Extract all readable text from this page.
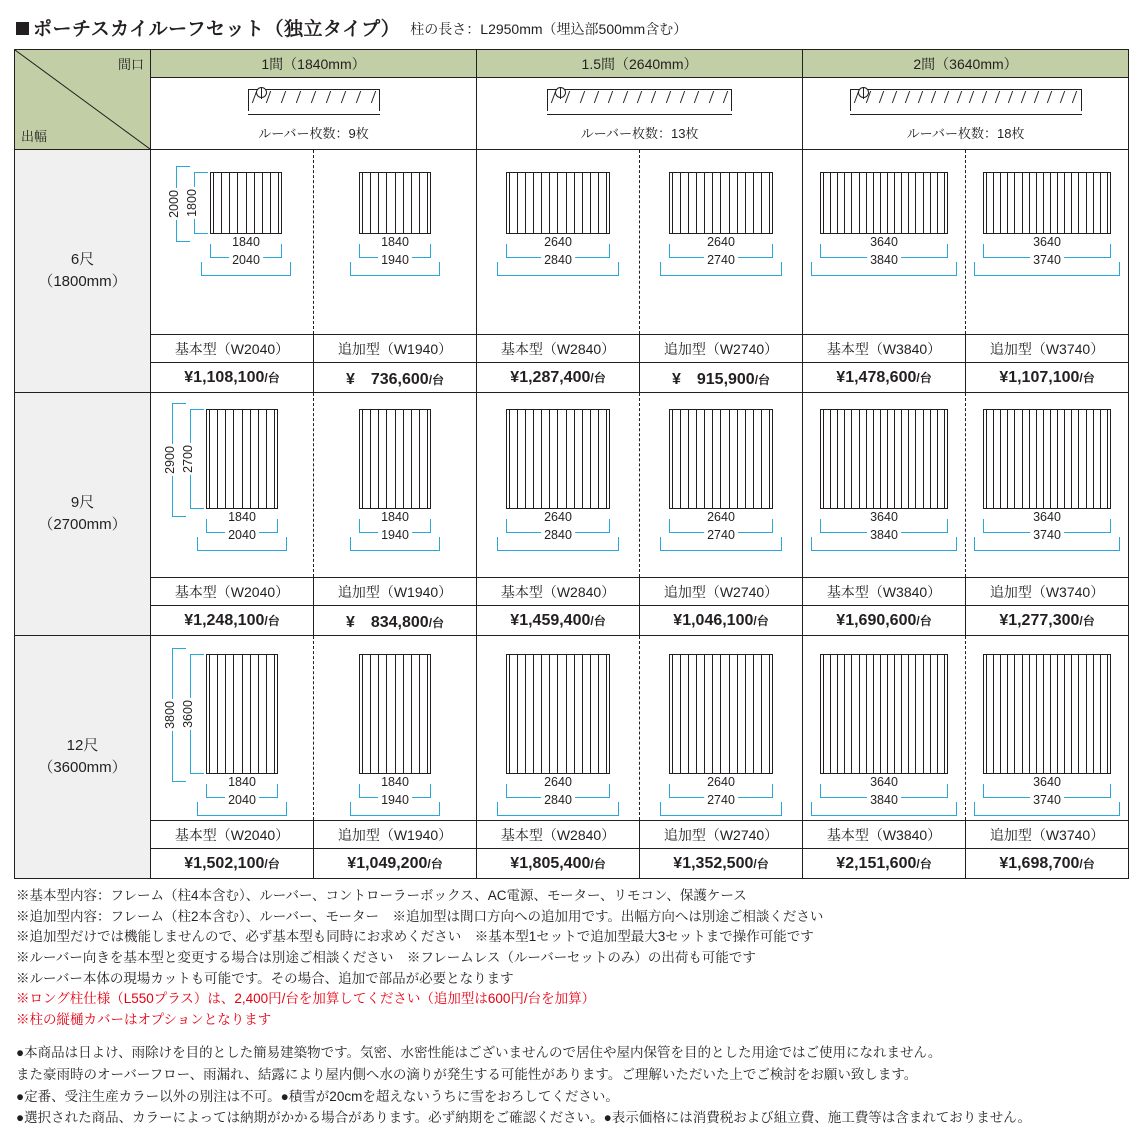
ポーチスカイルーフセット（独立タイプ） 柱の長さ：L2950mm（埋込部500mm含む）
間口
出幅	1間（1840mm）		1.5間（2640mm）		2間（3640mm）	

	ルーバー枚数：9枚		ルーバー枚数：13枚		ルーバー枚数：18枚	

6尺
（1800mm）

2000 1800
1840
2040

1840
1940

2640
2840

2640
2740

3640
3840

3640
3740

	基本型（W2040）	追加型（W1940）	基本型（W2840）	追加型（W2740）	基本型（W3840）	追加型（W3740）
	¥1,108,100/台	¥　736,600/台	¥1,287,400/台	¥　915,900/台	¥1,478,600/台	¥1,107,100/台

9尺
（2700mm）

2900 2700
1840
2040

1840
1940

2640
2840

2640
2740

3640
3840

3640
3740

	基本型（W2040）	追加型（W1940）	基本型（W2840）	追加型（W2740）	基本型（W3840）	追加型（W3740）
	¥1,248,100/台	¥　834,800/台	¥1,459,400/台	¥1,046,100/台	¥1,690,600/台	¥1,277,300/台

12尺
（3600mm）

3800 3600
1840
2040

1840
1940

2640
2840

2640
2740

3640
3840

3640
3740

	基本型（W2040）	追加型（W1940）	基本型（W2840）	追加型（W2740）	基本型（W3840）	追加型（W3740）
	¥1,502,100/台	¥1,049,200/台	¥1,805,400/台	¥1,352,500/台	¥2,151,600/台	¥1,698,700/台
※基本型内容：フレーム（柱4本含む）、ルーバー、コントローラーボックス、AC電源、モーター、リモコン、保護ケース
※追加型内容：フレーム（柱2本含む）、ルーバー、モーター　※追加型は間口方向への追加用です。出幅方向へは別途ご相談ください
※追加型だけでは機能しませんので、必ず基本型も同時にお求めください　※基本型1セットで追加型最大3セットまで操作可能です
※ルーバー向きを基本型と変更する場合は別途ご相談ください　※フレームレス（ルーバーセットのみ）の出荷も可能です
※ルーバー本体の現場カットも可能です。その場合、追加で部品が必要となります
※ロング柱仕様（L550プラス）は、2,400円/台を加算してください（追加型は600円/台を加算）
※柱の縦樋カバーはオプションとなります
●本商品は日よけ、雨除けを目的とした簡易建築物です。気密、水密性能はございませんので居住や屋内保管を目的とした用途ではご使用になれません。
また豪雨時のオーバーフロー、雨漏れ、結露により屋内側へ水の滴りが発生する可能性があります。ご理解いただいた上でご検討をお願い致します。
●定番、受注生産カラー以外の別注は不可。●積雪が20cmを超えないうちに雪をおろしてください。
●選択された商品、カラーによっては納期がかかる場合があります。必ず納期をご確認ください。●表示価格には消費税および組立費、施工費等は含まれておりません。
